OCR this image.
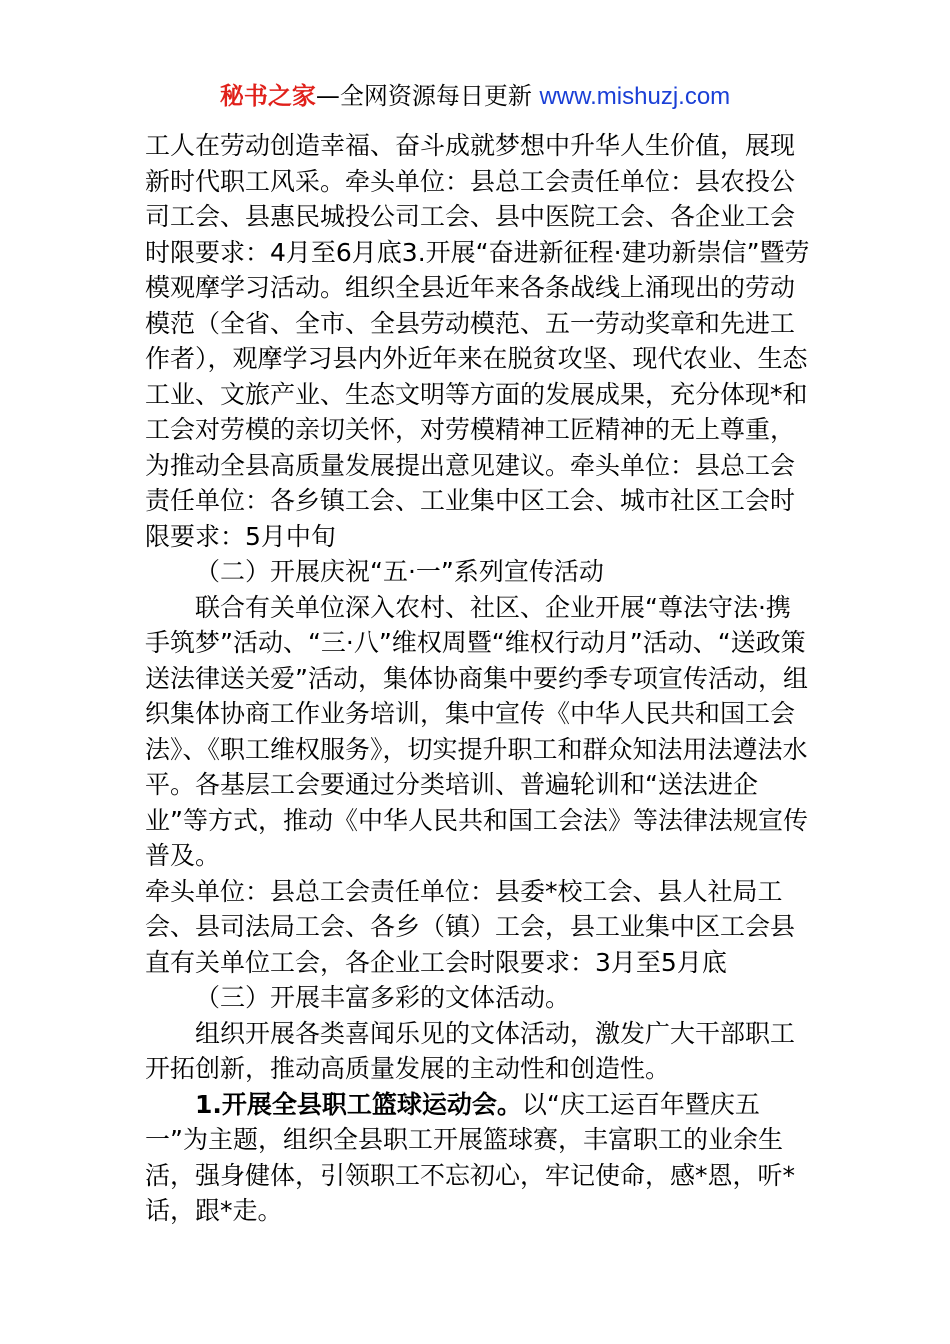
秘书之家—全网资源每日更新 www.mishuzj.com

工人在劳动创造幸福、奋斗成就梦想中升华人生价值，展现新时代职工风采。牵头单位：县总工会责任单位：县农投公司工会、县惠民城投公司工会、县中医院工会、各企业工会时限要求：4月至6月底3.开展“奋进新征程·建功新崇信”暨劳模观摩学习活动。组织全县近年来各条战线上涌现出的劳动模范（全省、全市、全县劳动模范、五一劳动奖章和先进工作者），观摩学习县内外近年来在脱贫攻坚、现代农业、生态工业、文旅产业、生态文明等方面的发展成果，充分体现*和工会对劳模的亲切关怀，对劳模精神工匠精神的无上尊重，为推动全县高质量发展提出意见建议。牵头单位：县总工会责任单位：各乡镇工会、工业集中区工会、城市社区工会时限要求：5月中旬

（二）开展庆祝“五·一”系列宣传活动

联合有关单位深入农村、社区、企业开展“尊法守法·携手筑梦”活动、“三·八”维权周暨“维权行动月”活动、“送政策送法律送关爱”活动，集体协商集中要约季专项宣传活动，组织集体协商工作业务培训，集中宣传《中华人民共和国工会法》、《职工维权服务》，切实提升职工和群众知法用法遵法水平。各基层工会要通过分类培训、普遍轮训和“送法进企业”等方式，推动《中华人民共和国工会法》等法律法规宣传普及。

牵头单位：县总工会责任单位：县委*校工会、县人社局工会、县司法局工会、各乡（镇）工会，县工业集中区工会县直有关单位工会，各企业工会时限要求：3月至5月底

（三）开展丰富多彩的文体活动。

组织开展各类喜闻乐见的文体活动，激发广大干部职工开拓创新，推动高质量发展的主动性和创造性。

1.开展全县职工篮球运动会。以“庆工运百年暨庆五一”为主题，组织全县职工开展篮球赛，丰富职工的业余生活，强身健体，引领职工不忘初心，牢记使命，感*恩，听*话，跟*走。
